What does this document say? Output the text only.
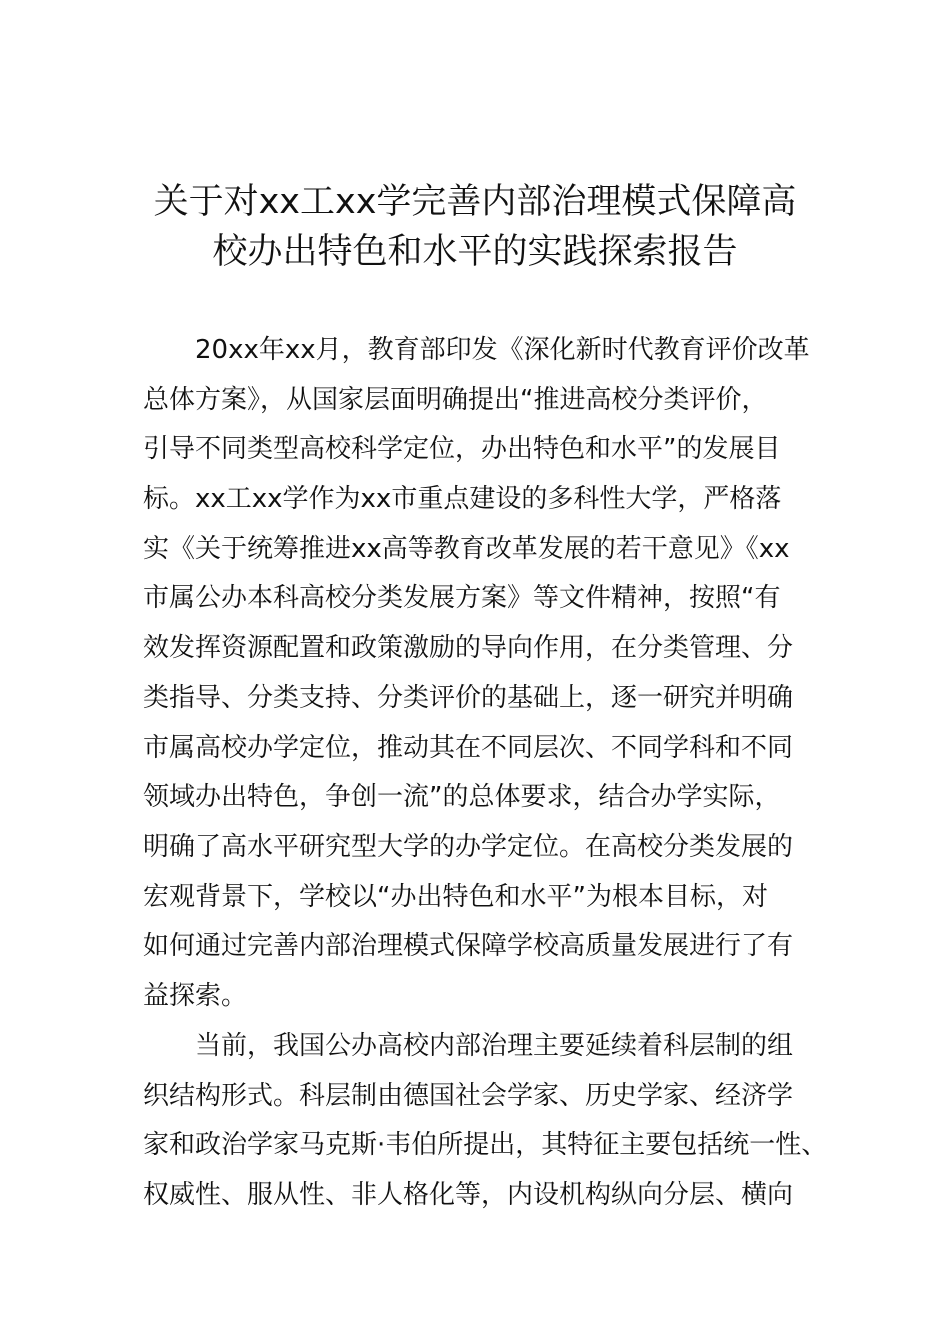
关于对xx工xx学完善内部治理模式保障高
校办出特色和水平的实践探索报告
20xx年xx月，教育部印发《深化新时代教育评价改革
总体方案》，从国家层面明确提出“推进高校分类评价，
引导不同类型高校科学定位，办出特色和水平”的发展目
标。xx工xx学作为xx市重点建设的多科性大学，严格落
实《关于统筹推进xx高等教育改革发展的若干意见》《xx
市属公办本科高校分类发展方案》等文件精神，按照“有
效发挥资源配置和政策激励的导向作用，在分类管理、分
类指导、分类支持、分类评价的基础上，逐一研究并明确
市属高校办学定位，推动其在不同层次、不同学科和不同
领域办出特色，争创一流”的总体要求，结合办学实际，
明确了高水平研究型大学的办学定位。在高校分类发展的
宏观背景下，学校以“办出特色和水平”为根本目标，对
如何通过完善内部治理模式保障学校高质量发展进行了有
益探索。
当前，我国公办高校内部治理主要延续着科层制的组
织结构形式。科层制由德国社会学家、历史学家、经济学
家和政治学家马克斯·韦伯所提出，其特征主要包括统一性、
权威性、服从性、非人格化等，内设机构纵向分层、横向
